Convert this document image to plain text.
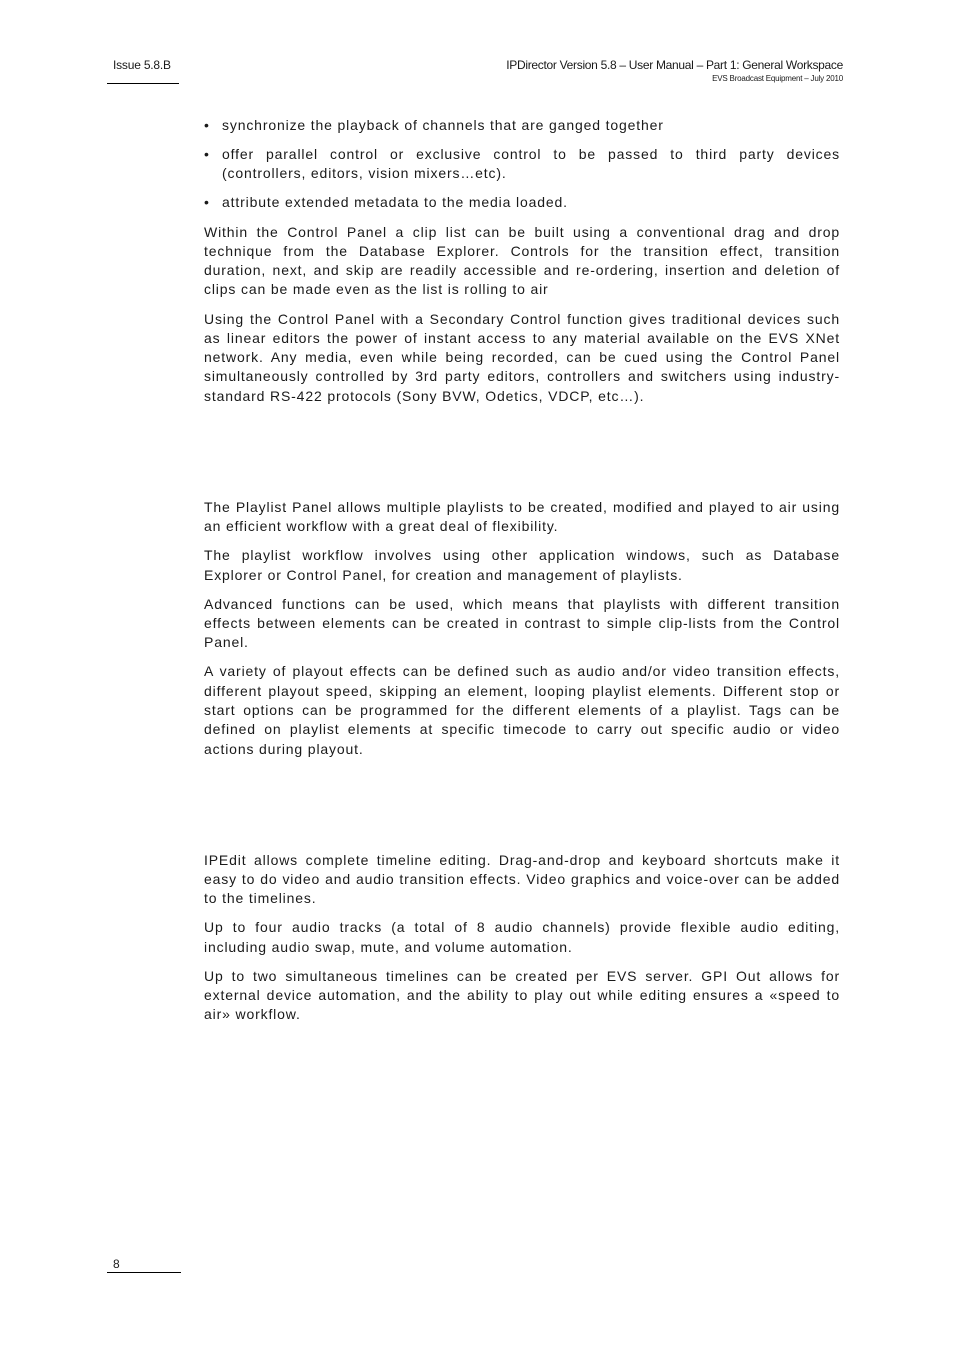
Issue 5.8.B	IPDirector Version 5.8 – User Manual – Part 1: General Workspace
EVS Broadcast Equipment – July 2010
• synchronize the playback of channels that are ganged together
• offer parallel control or exclusive control to be passed to third party devices (controllers, editors, vision mixers…etc).
• attribute extended metadata to the media loaded.

Within the Control Panel a clip list can be built using a conventional drag and drop technique from the Database Explorer. Controls for the transition effect, transition duration, next, and skip are readily accessible and re-ordering, insertion and deletion of clips can be made even as the list is rolling to air

Using the Control Panel with a Secondary Control function gives traditional devices such as linear editors the power of instant access to any material available on the EVS XNet network. Any media, even while being recorded, can be cued using the Control Panel simultaneously controlled by 3rd party editors, controllers and switchers using industry-standard RS-422 protocols (Sony BVW, Odetics, VDCP, etc…).

The Playlist Panel allows multiple playlists to be created, modified and played to air using an efficient workflow with a great deal of flexibility.

The playlist workflow involves using other application windows, such as Database Explorer or Control Panel, for creation and management of playlists.

Advanced functions can be used, which means that playlists with different transition effects between elements can be created in contrast to simple clip-lists from the Control Panel.

A variety of playout effects can be defined such as audio and/or video transition effects, different playout speed, skipping an element, looping playlist elements. Different stop or start options can be programmed for the different elements of a playlist. Tags can be defined on playlist elements at specific timecode to carry out specific audio or video actions during playout.

IPEdit allows complete timeline editing. Drag-and-drop and keyboard shortcuts make it easy to do video and audio transition effects. Video graphics and voice-over can be added to the timelines.

Up to four audio tracks (a total of 8 audio channels) provide flexible audio editing, including audio swap, mute, and volume automation.

Up to two simultaneous timelines can be created per EVS server. GPI Out allows for external device automation, and the ability to play out while editing ensures a «speed to air» workflow.

8
